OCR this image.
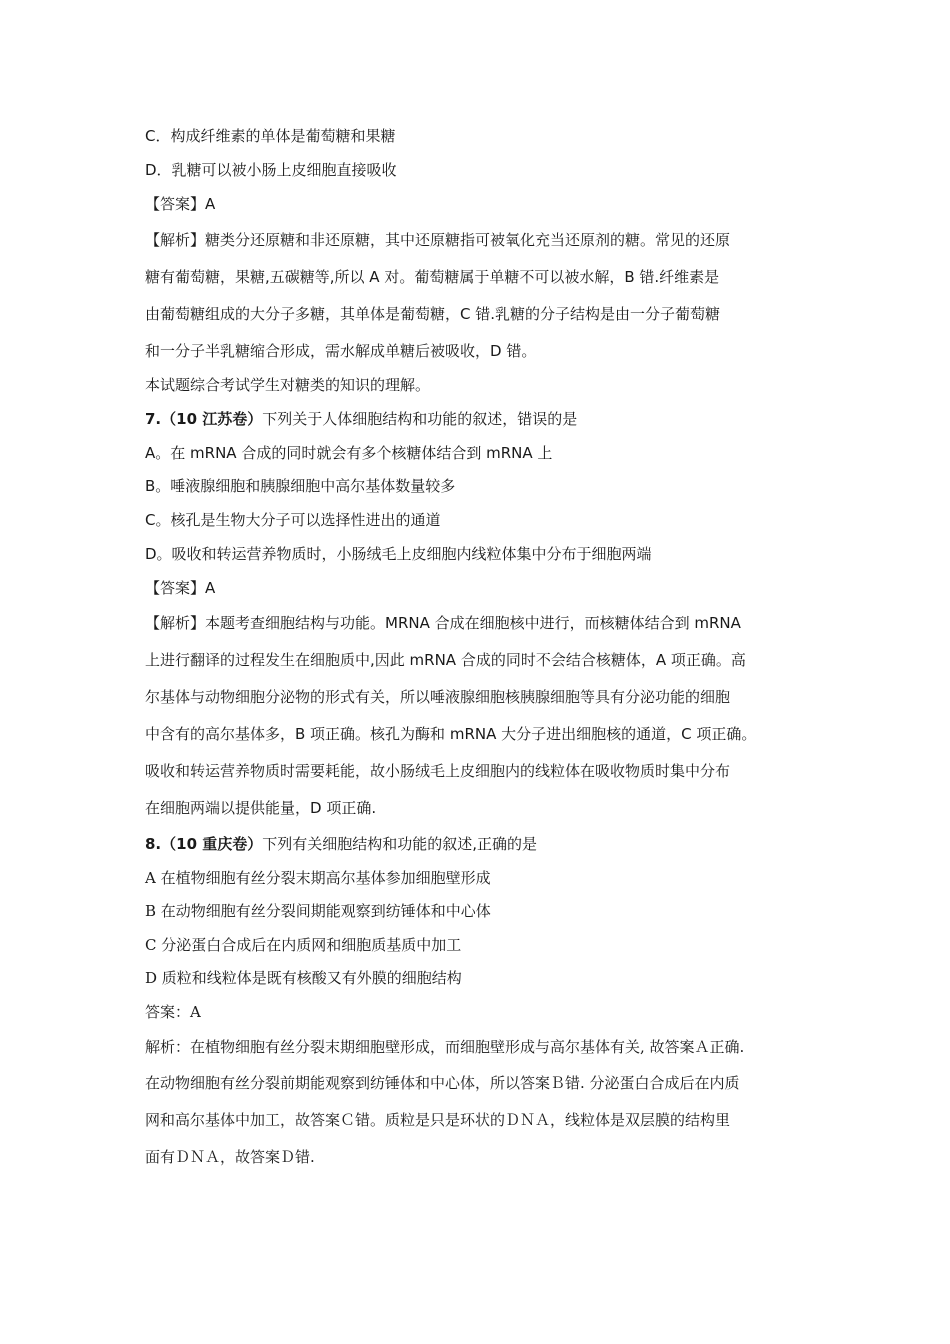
C．构成纤维素的单体是葡萄糖和果糖
D．乳糖可以被小肠上皮细胞直接吸收
【答案】A
【解析】糖类分还原糖和非还原糖，其中还原糖指可被氧化充当还原剂的糖。常见的还原
糖有葡萄糖，果糖,五碳糖等,所以 A 对。葡萄糖属于单糖不可以被水解，B 错.纤维素是
由葡萄糖组成的大分子多糖，其单体是葡萄糖，C 错.乳糖的分子结构是由一分子葡萄糖
和一分子半乳糖缩合形成，需水解成单糖后被吸收，D 错。
本试题综合考试学生对糖类的知识的理解。
7.（10 江苏卷）下列关于人体细胞结构和功能的叙述，错误的是
A。在 mRNA 合成的同时就会有多个核糖体结合到 mRNA 上
B。唾液腺细胞和胰腺细胞中高尔基体数量较多
C。核孔是生物大分子可以选择性进出的通道
D。吸收和转运营养物质时，小肠绒毛上皮细胞内线粒体集中分布于细胞两端
【答案】A
【解析】本题考查细胞结构与功能。MRNA 合成在细胞核中进行，而核糖体结合到 mRNA
上进行翻译的过程发生在细胞质中,因此 mRNA 合成的同时不会结合核糖体，A 项正确。高
尔基体与动物细胞分泌物的形式有关，所以唾液腺细胞核胰腺细胞等具有分泌功能的细胞
中含有的高尔基体多，B 项正确。核孔为酶和 mRNA 大分子进出细胞核的通道，C 项正确。
吸收和转运营养物质时需要耗能，故小肠绒毛上皮细胞内的线粒体在吸收物质时集中分布
在细胞两端以提供能量，D 项正确.
8.（10 重庆卷）下列有关细胞结构和功能的叙述,正确的是
A 在植物细胞有丝分裂末期高尔基体参加细胞壁形成
B 在动物细胞有丝分裂间期能观察到纺锤体和中心体
C 分泌蛋白合成后在内质网和细胞质基质中加工
D 质粒和线粒体是既有核酸又有外膜的细胞结构
答案：A
解析：在植物细胞有丝分裂末期细胞壁形成，而细胞壁形成与高尔基体有关, 故答案Ａ正确.
在动物细胞有丝分裂前期能观察到纺锤体和中心体，所以答案Ｂ错. 分泌蛋白合成后在内质
网和高尔基体中加工，故答案Ｃ错。质粒是只是环状的ＤＮＡ，线粒体是双层膜的结构里
面有ＤＮＡ，故答案Ｄ错.
